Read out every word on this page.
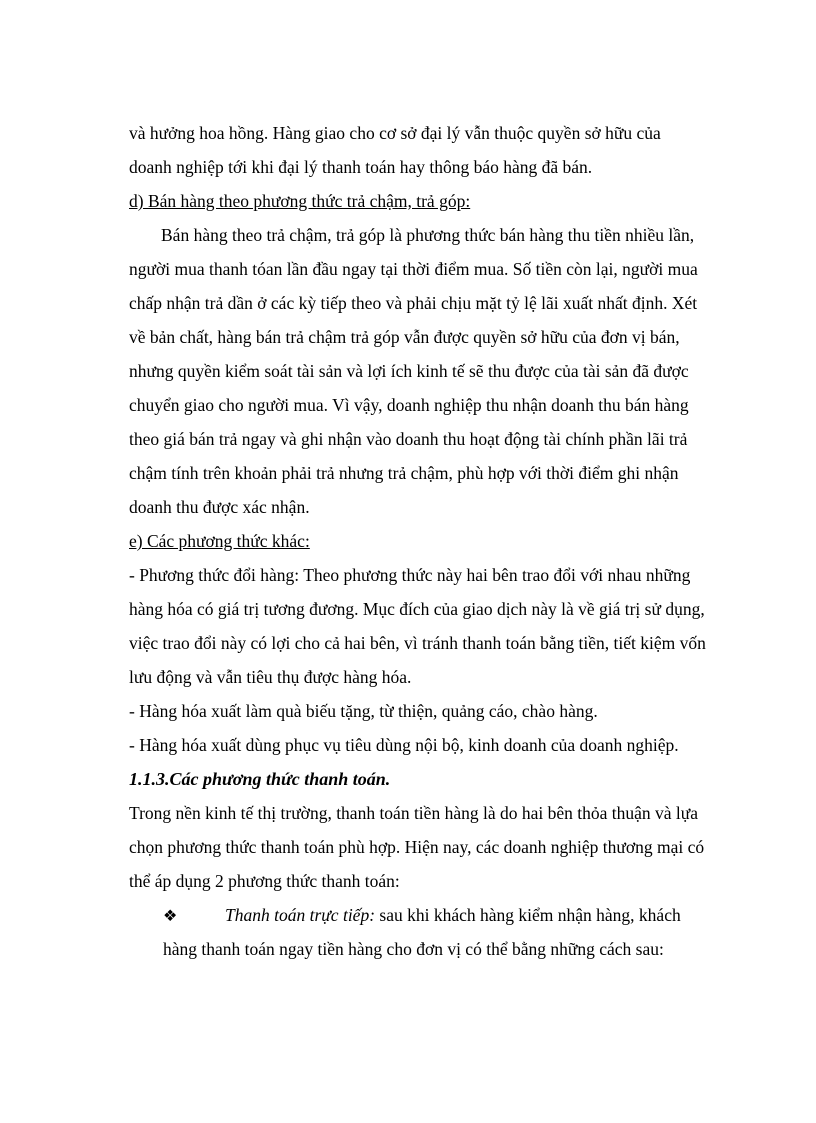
và hưởng hoa hồng. Hàng giao cho cơ sở đại lý vẫn thuộc quyền sở hữu của
doanh nghiệp tới khi đại lý thanh toán hay thông báo hàng đã bán.
d) Bán hàng theo phương thức trả chậm, trả góp:
Bán hàng theo trả chậm, trả góp là phương thức bán hàng thu tiền nhiều lần,
người mua thanh tóan lần đầu ngay tại thời điểm mua. Số tiền còn lại, người mua
chấp nhận trả dần ở các kỳ tiếp theo và phải chịu mặt tỷ lệ lãi xuất nhất định. Xét
về bản chất, hàng bán trả chậm trả góp vẫn được quyền sở hữu của đơn vị bán,
nhưng quyền kiểm soát tài sản và lợi ích kinh tế sẽ thu được của tài sản đã được
chuyển giao cho người mua. Vì vậy, doanh nghiệp thu nhận doanh thu bán hàng
theo giá bán trả ngay và ghi nhận vào doanh thu hoạt động tài chính phần lãi trả
chậm tính trên khoản phải trả nhưng trả chậm, phù hợp với thời điểm ghi nhận
doanh thu được xác nhận.
e) Các phương thức khác:
- Phương thức đổi hàng: Theo phương thức này hai bên trao đổi với nhau những
hàng hóa có giá trị tương đương. Mục đích của giao dịch này là về giá trị sử dụng,
việc trao đổi này có lợi cho cả hai bên, vì tránh thanh toán bằng tiền, tiết kiệm vốn
lưu động và vẫn tiêu thụ được hàng hóa.
- Hàng hóa xuất làm quà biếu tặng, từ thiện, quảng cáo, chào hàng.
- Hàng hóa xuất dùng phục vụ tiêu dùng nội bộ, kinh doanh của doanh nghiệp.
1.1.3.Các phương thức thanh toán.
Trong nền kinh tế thị trường, thanh toán tiền hàng là do hai bên thỏa thuận và lựa
chọn phương thức thanh toán phù hợp. Hiện nay, các doanh nghiệp thương mại có
thể áp dụng 2 phương thức thanh toán:
❖	Thanh toán trực tiếp: sau khi khách hàng kiểm nhận hàng, khách
hàng thanh toán ngay tiền hàng cho đơn vị có thể bằng những cách sau:
